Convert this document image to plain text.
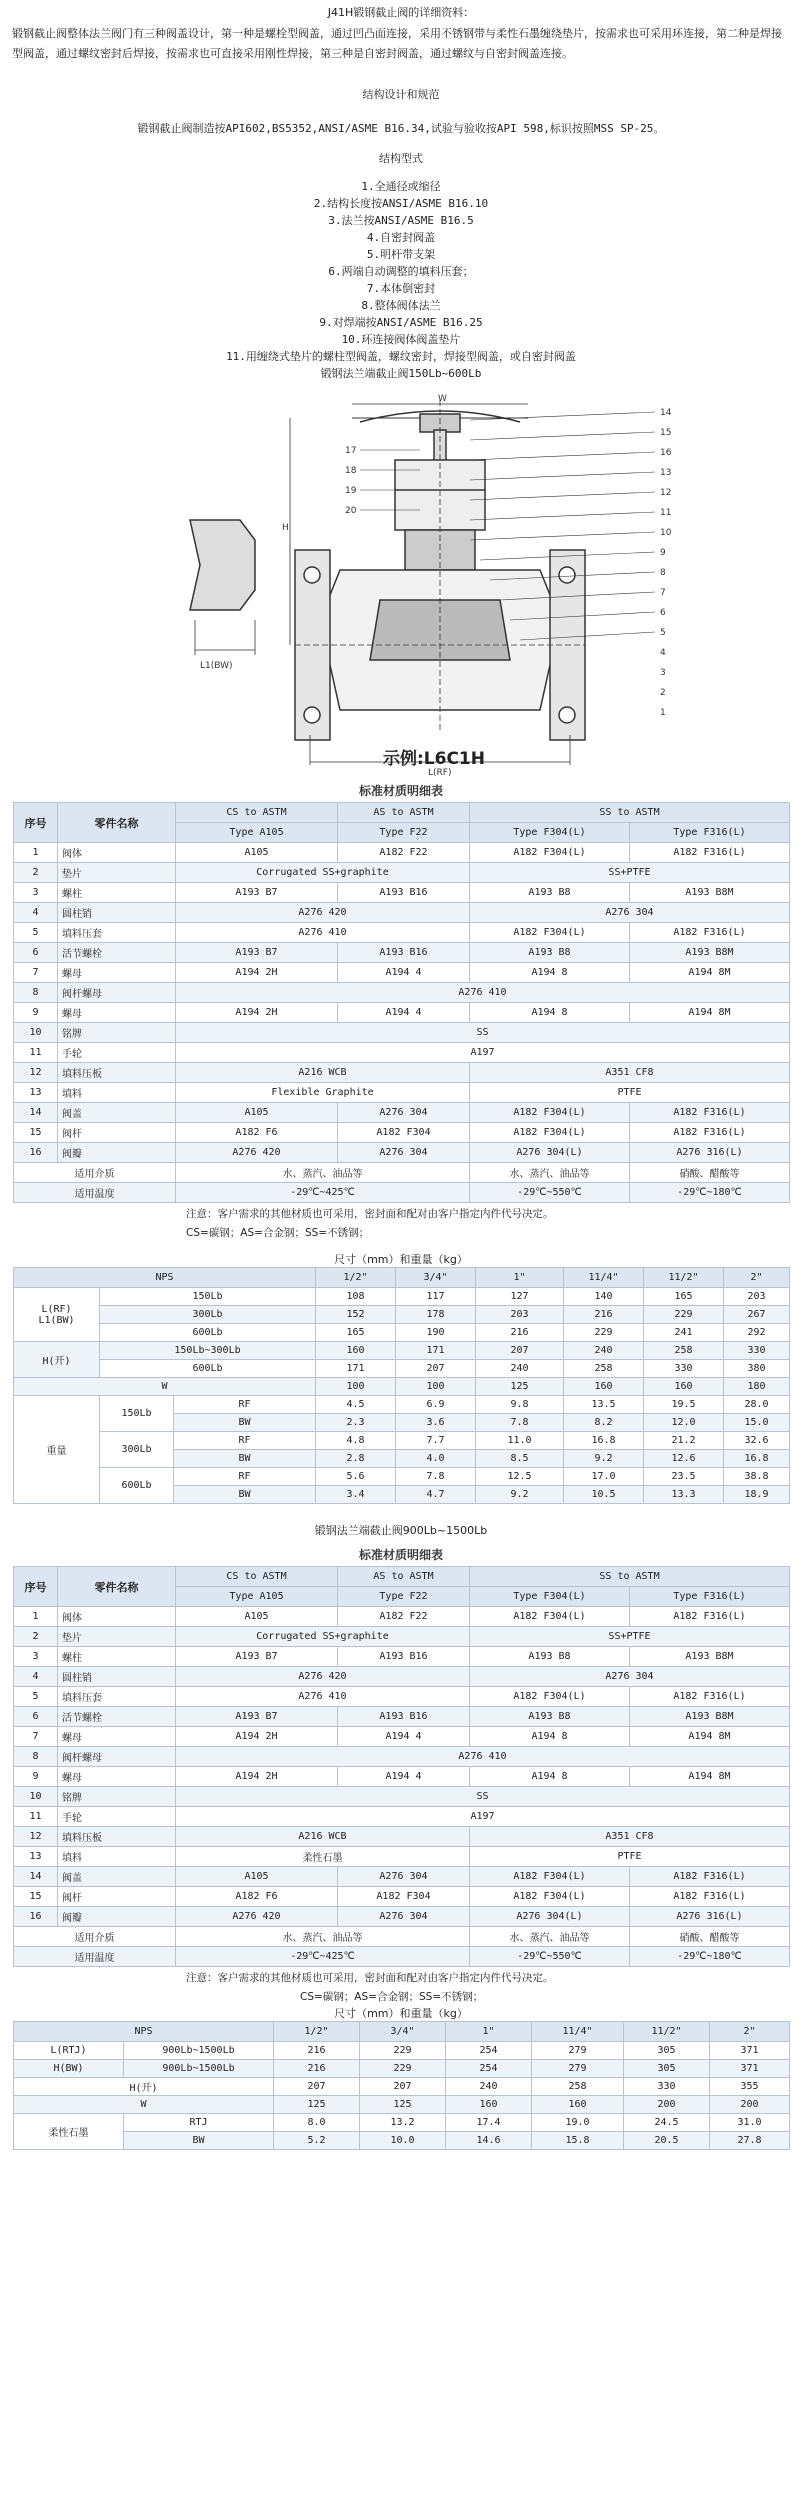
J41H锻钢截止阀的详细资料：
锻钢截止阀整体法兰阀门有三种阀盖设计，第一种是螺栓型阀盖，通过凹凸面连接，采用不锈钢带与柔性石墨缠绕垫片，按需求也可采用环连接，第二种是焊接型阀盖，通过螺纹密封后焊接，按需求也可直接采用刚性焊接，第三种是自密封阀盖，通过螺纹与自密封阀盖连接。
结构设计和规范
锻钢截止阀制造按API602,BS5352,ANSI/ASME B16.34,试验与验收按API 598,标识按照MSS SP-25。
结构型式
1.全通径或缩径
2.结构长度按ANSI/ASME B16.10
3.法兰按ANSI/ASME B16.5
4.自密封阀盖
5.明杆带支架
6.两端自动调整的填料压套；
7.本体倒密封
8.整体阀体法兰
9.对焊端按ANSI/ASME B16.25
10.环连接阀体阀盖垫片
11.用缠绕式垫片的螺柱型阀盖，螺纹密封，焊接型阀盖，或自密封阀盖
锻钢法兰端截止阀150Lb~600Lb
W
H
L1(BW)
L(RF)
14
15
16
13
12
11
10
9
8
7
6
5
4
3
2
1
17
18
19
20
示例:L6C1H
标准材质明细表
序号	零件名称	CS to ASTM	AS to ASTM	SS to ASTM	
		Type A105	Type F22	Type F304(L)	Type F316(L)
1	阀体	A105	A182 F22	A182 F304(L)	A182 F316(L)
2	垫片	Corrugated SS+graphite		SS+PTFE	
3	螺柱	A193 B7	A193 B16	A193 B8	A193 B8M
4	圆柱销	A276 420		A276 304	
5	填料压套	A276 410		A182 F304(L)	A182 F316(L)
6	活节螺栓	A193 B7	A193 B16	A193 B8	A193 B8M
7	螺母	A194 2H	A194 4	A194 8	A194 8M
8	阀杆螺母	A276 410			
9	螺母	A194 2H	A194 4	A194 8	A194 8M
10	铭牌	SS			
11	手轮	A197			
12	填料压板	A216 WCB		A351 CF8	
13	填料	Flexible Graphite		PTFE	
14	阀盖	A105	A276 304	A182 F304(L)	A182 F316(L)
15	阀杆	A182 F6	A182 F304	A182 F304(L)	A182 F316(L)
16	阀瓣	A276 420	A276 304	A276 304(L)	A276 316(L)
适用介质		水、蒸汽、油品等		水、蒸汽、油品等	硝酸、醋酸等
适用温度		-29℃~425℃		-29℃~550℃	-29℃~180℃
注意：客户需求的其他材质也可采用，密封面和配对由客户指定内件代号决定。
CS=碳钢；AS=合金钢；SS=不锈钢；
尺寸（mm）和重量（kg）
NPS			1/2"	3/4"	1"	11/4"	11/2"	2"
L(RF)
L1(BW)	150Lb		108	117	127	140	165	203
	300Lb		152	178	203	216	229	267
	600Lb		165	190	216	229	241	292
H(开)	150Lb~300Lb		160	171	207	240	258	330
	600Lb		171	207	240	258	330	380
W			100	100	125	160	160	180
重量	150Lb	RF	4.5	6.9	9.8	13.5	19.5	28.0
		BW	2.3	3.6	7.8	8.2	12.0	15.0
	300Lb	RF	4.8	7.7	11.0	16.8	21.2	32.6
		BW	2.8	4.0	8.5	9.2	12.6	16.8
	600Lb	RF	5.6	7.8	12.5	17.0	23.5	38.8
		BW	3.4	4.7	9.2	10.5	13.3	18.9
锻钢法兰端截止阀900Lb~1500Lb
标准材质明细表
序号	零件名称	CS to ASTM	AS to ASTM	SS to ASTM	
		Type A105	Type F22	Type F304(L)	Type F316(L)
1	阀体	A105	A182 F22	A182 F304(L)	A182 F316(L)
2	垫片	Corrugated SS+graphite		SS+PTFE	
3	螺柱	A193 B7	A193 B16	A193 B8	A193 B8M
4	圆柱销	A276 420		A276 304	
5	填料压套	A276 410		A182 F304(L)	A182 F316(L)
6	活节螺栓	A193 B7	A193 B16	A193 B8	A193 B8M
7	螺母	A194 2H	A194 4	A194 8	A194 8M
8	阀杆螺母	A276 410			
9	螺母	A194 2H	A194 4	A194 8	A194 8M
10	铭牌	SS			
11	手轮	A197			
12	填料压板	A216 WCB		A351 CF8	
13	填料	柔性石墨		PTFE	
14	阀盖	A105	A276 304	A182 F304(L)	A182 F316(L)
15	阀杆	A182 F6	A182 F304	A182 F304(L)	A182 F316(L)
16	阀瓣	A276 420	A276 304	A276 304(L)	A276 316(L)
适用介质		水、蒸汽、油品等		水、蒸汽、油品等	硝酸、醋酸等
适用温度		-29℃~425℃		-29℃~550℃	-29℃~180℃
注意：客户需求的其他材质也可采用，密封面和配对由客户指定内件代号决定。
CS=碳钢；AS=合金钢；SS=不锈钢；
尺寸（mm）和重量（kg）
NPS		1/2"	3/4"	1"	11/4"	11/2"	2"
L(RTJ)	900Lb~1500Lb	216	229	254	279	305	371
H(BW)	900Lb~1500Lb	216	229	254	279	305	371
H(开)		207	207	240	258	330	355
W		125	125	160	160	200	200
柔性石墨	RTJ	8.0	13.2	17.4	19.0	24.5	31.0
	BW	5.2	10.0	14.6	15.8	20.5	27.8
